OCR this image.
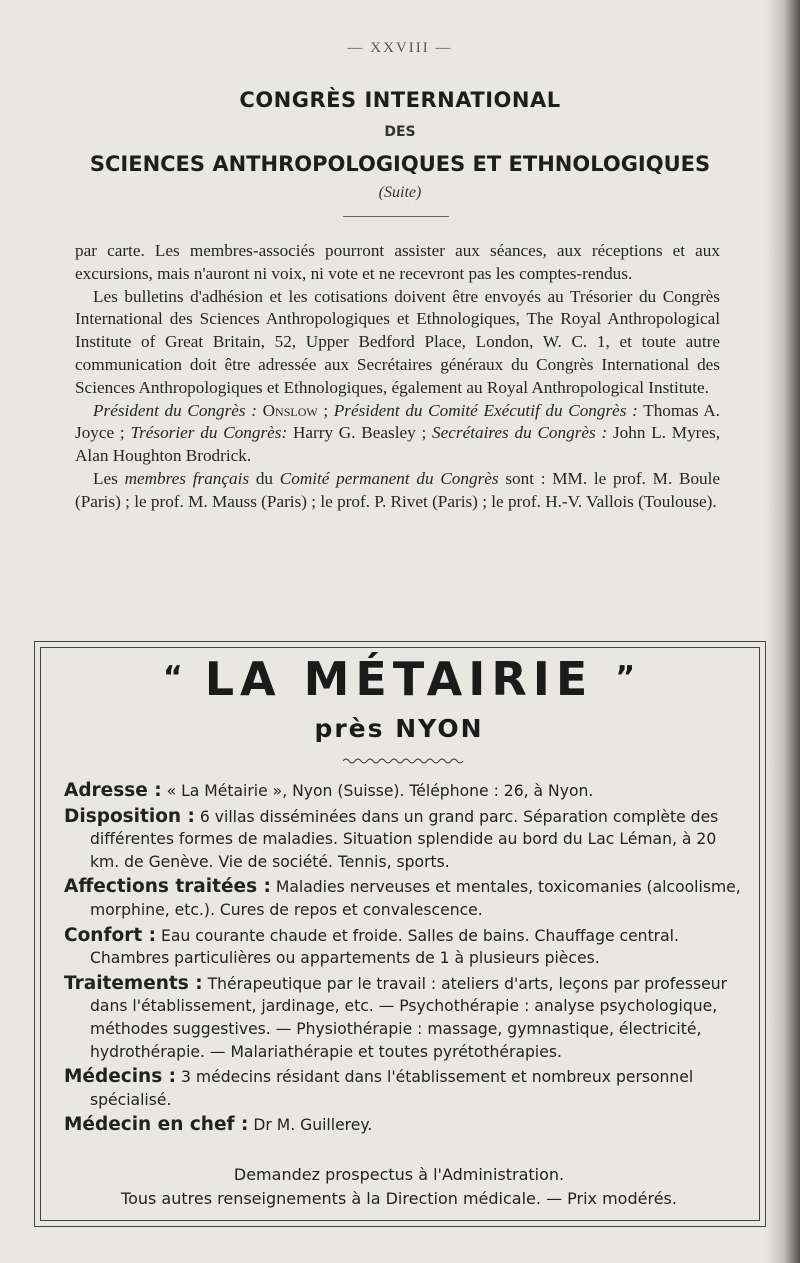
— XXVIII —
CONGRÈS INTERNATIONAL
DES
SCIENCES ANTHROPOLOGIQUES ET ETHNOLOGIQUES
(Suite)

par carte. Les membres-associés pourront assister aux séances, aux réceptions et aux excursions, mais n'auront ni voix, ni vote et ne recevront pas les comptes-rendus.

Les bulletins d'adhésion et les cotisations doivent être envoyés au Trésorier du Congrès International des Sciences Anthropologiques et Ethnologiques, The Royal Anthropological Institute of Great Britain, 52, Upper Bedford Place, London, W. C. 1, et toute autre communication doit être adressée aux Secrétaires généraux du Congrès International des Sciences Anthropologiques et Ethnologiques, également au Royal Anthropological Institute.

Président du Congrès : Onslow ; Président du Comité Exécutif du Congrès : Thomas A. Joyce ; Trésorier du Congrès: Harry G. Beasley ; Secrétaires du Congrès : John L. Myres, Alan Houghton Brodrick.

Les membres français du Comité permanent du Congrès sont : MM. le prof. M. Boule (Paris) ; le prof. M. Mauss (Paris) ; le prof. P. Rivet (Paris) ; le prof. H.-V. Vallois (Toulouse).

“ LA MÉTAIRIE ”
près NYON

Adresse : « La Métairie », Nyon (Suisse). Téléphone : 26, à Nyon.

Disposition : 6 villas disséminées dans un grand parc. Séparation complète des différentes formes de maladies. Situation splendide au bord du Lac Léman, à 20 km. de Genève. Vie de société. Tennis, sports.

Affections traitées : Maladies nerveuses et mentales, toxicomanies (alcoolisme, morphine, etc.). Cures de repos et convalescence.

Confort : Eau courante chaude et froide. Salles de bains. Chauffage central. Chambres particulières ou appartements de 1 à plusieurs pièces.

Traitements : Thérapeutique par le travail : ateliers d'arts, leçons par professeur dans l'établissement, jardinage, etc. — Psychothérapie : analyse psychologique, méthodes suggestives. — Physiothérapie : massage, gymnastique, électricité, hydrothérapie. — Malariathérapie et toutes pyrétothérapies.

Médecins : 3 médecins résidant dans l'établissement et nombreux personnel spécialisé.

Médecin en chef : Dr M. Guillerey.

Demandez prospectus à l'Administration.
Tous autres renseignements à la Direction médicale. — Prix modérés.
